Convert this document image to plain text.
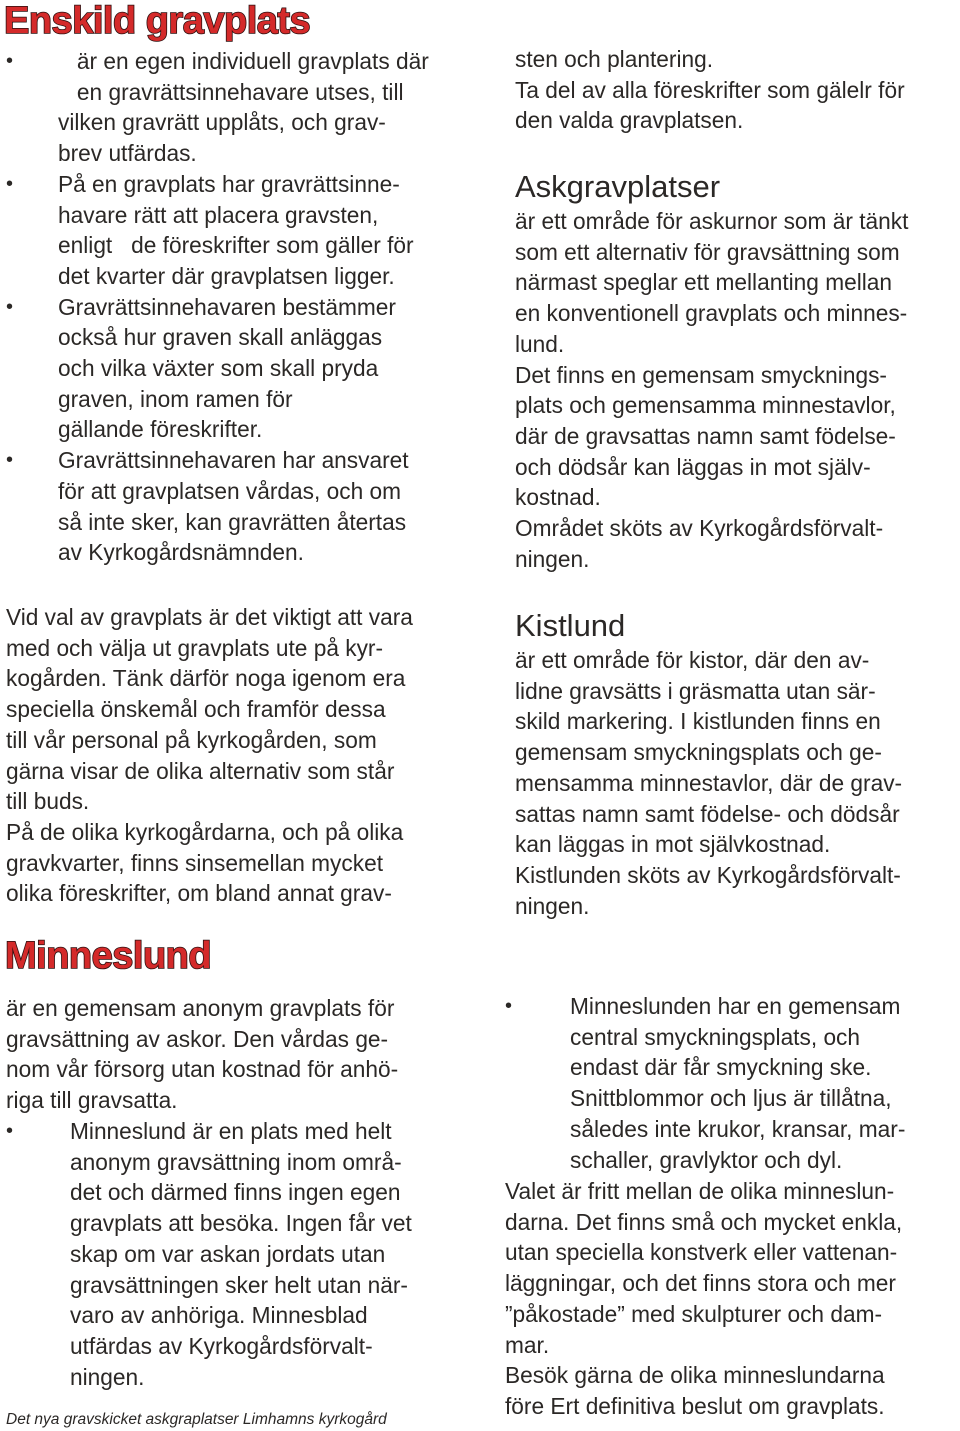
Enskild gravplats
• är en egen individuell gravplats där
en gravrättsinnehavare utses, till
vilken gravrätt upplåts, och grav-
brev utfärdas.
• På en gravplats har gravrättsinne-
havare rätt att placera gravsten,
enligt   de föreskrifter som gäller för
det kvarter där gravplatsen ligger.
• Gravrättsinnehavaren bestämmer
också hur graven skall anläggas
och vilka växter som skall pryda
graven, inom ramen för
gällande föreskrifter.
• Gravrättsinnehavaren har ansvaret
för att gravplatsen vårdas, och om
så inte sker, kan gravrätten återtas
av Kyrkogårdsnämnden.
Vid val av gravplats är det viktigt att vara
med och välja ut gravplats ute på kyr-
kogården. Tänk därför noga igenom era
speciella önskemål och framför dessa
till vår personal på kyrkogården, som
gärna visar de olika alternativ som står
till buds.
På de olika kyrkogårdarna, och på olika
gravkvarter, finns sinsemellan mycket
olika föreskrifter, om bland annat grav-
Minneslund
är en gemensam anonym gravplats för
gravsättning av askor. Den vårdas ge-
nom vår försorg utan kostnad för anhö-
riga till gravsatta.
•	Minneslund är en plats med helt
anonym gravsättning inom områ-
det och därmed finns ingen egen
gravplats att besöka. Ingen får vet
skap om var askan jordats utan
gravsättningen sker helt utan när-
varo av anhöriga. Minnesblad
utfärdas av Kyrkogårdsförvalt-
ningen.
Det nya gravskicket askgraplatser Limhamns kyrkogård
sten och plantering.
Ta del av alla föreskrifter som gälelr för
den valda gravplatsen.
Askgravplatser
är ett område för askurnor som är tänkt
som ett alternativ för gravsättning som
närmast speglar ett mellanting mellan
en konventionell gravplats och minnes-
lund.
Det finns en gemensam smycknings-
plats och gemensamma minnestavlor,
där de gravsattas namn samt födelse-
och dödsår kan läggas in mot själv-
kostnad.
Området sköts av Kyrkogårdsförvalt-
ningen.
Kistlund
är ett område för kistor, där den av-
lidne gravsätts i gräsmatta utan sär-
skild markering. I kistlunden finns en
gemensam smyckningsplats och ge-
mensamma minnestavlor, där de grav-
sattas namn samt födelse- och dödsår
kan läggas in mot självkostnad.
Kistlunden sköts av Kyrkogårdsförvalt-
ningen.
•	Minneslunden har en gemensam
central smyckningsplats, och
endast där får smyckning ske.
Snittblommor och ljus är tillåtna,
således inte krukor, kransar, mar-
schaller, gravlyktor och dyl.
Valet är fritt mellan de olika minneslun-
darna. Det finns små och mycket enkla,
utan speciella konstverk eller vattenan-
läggningar, och det finns stora och mer
”påkostade” med skulpturer och dam-
mar.
Besök gärna de olika minneslundarna
före Ert definitiva beslut om gravplats.
